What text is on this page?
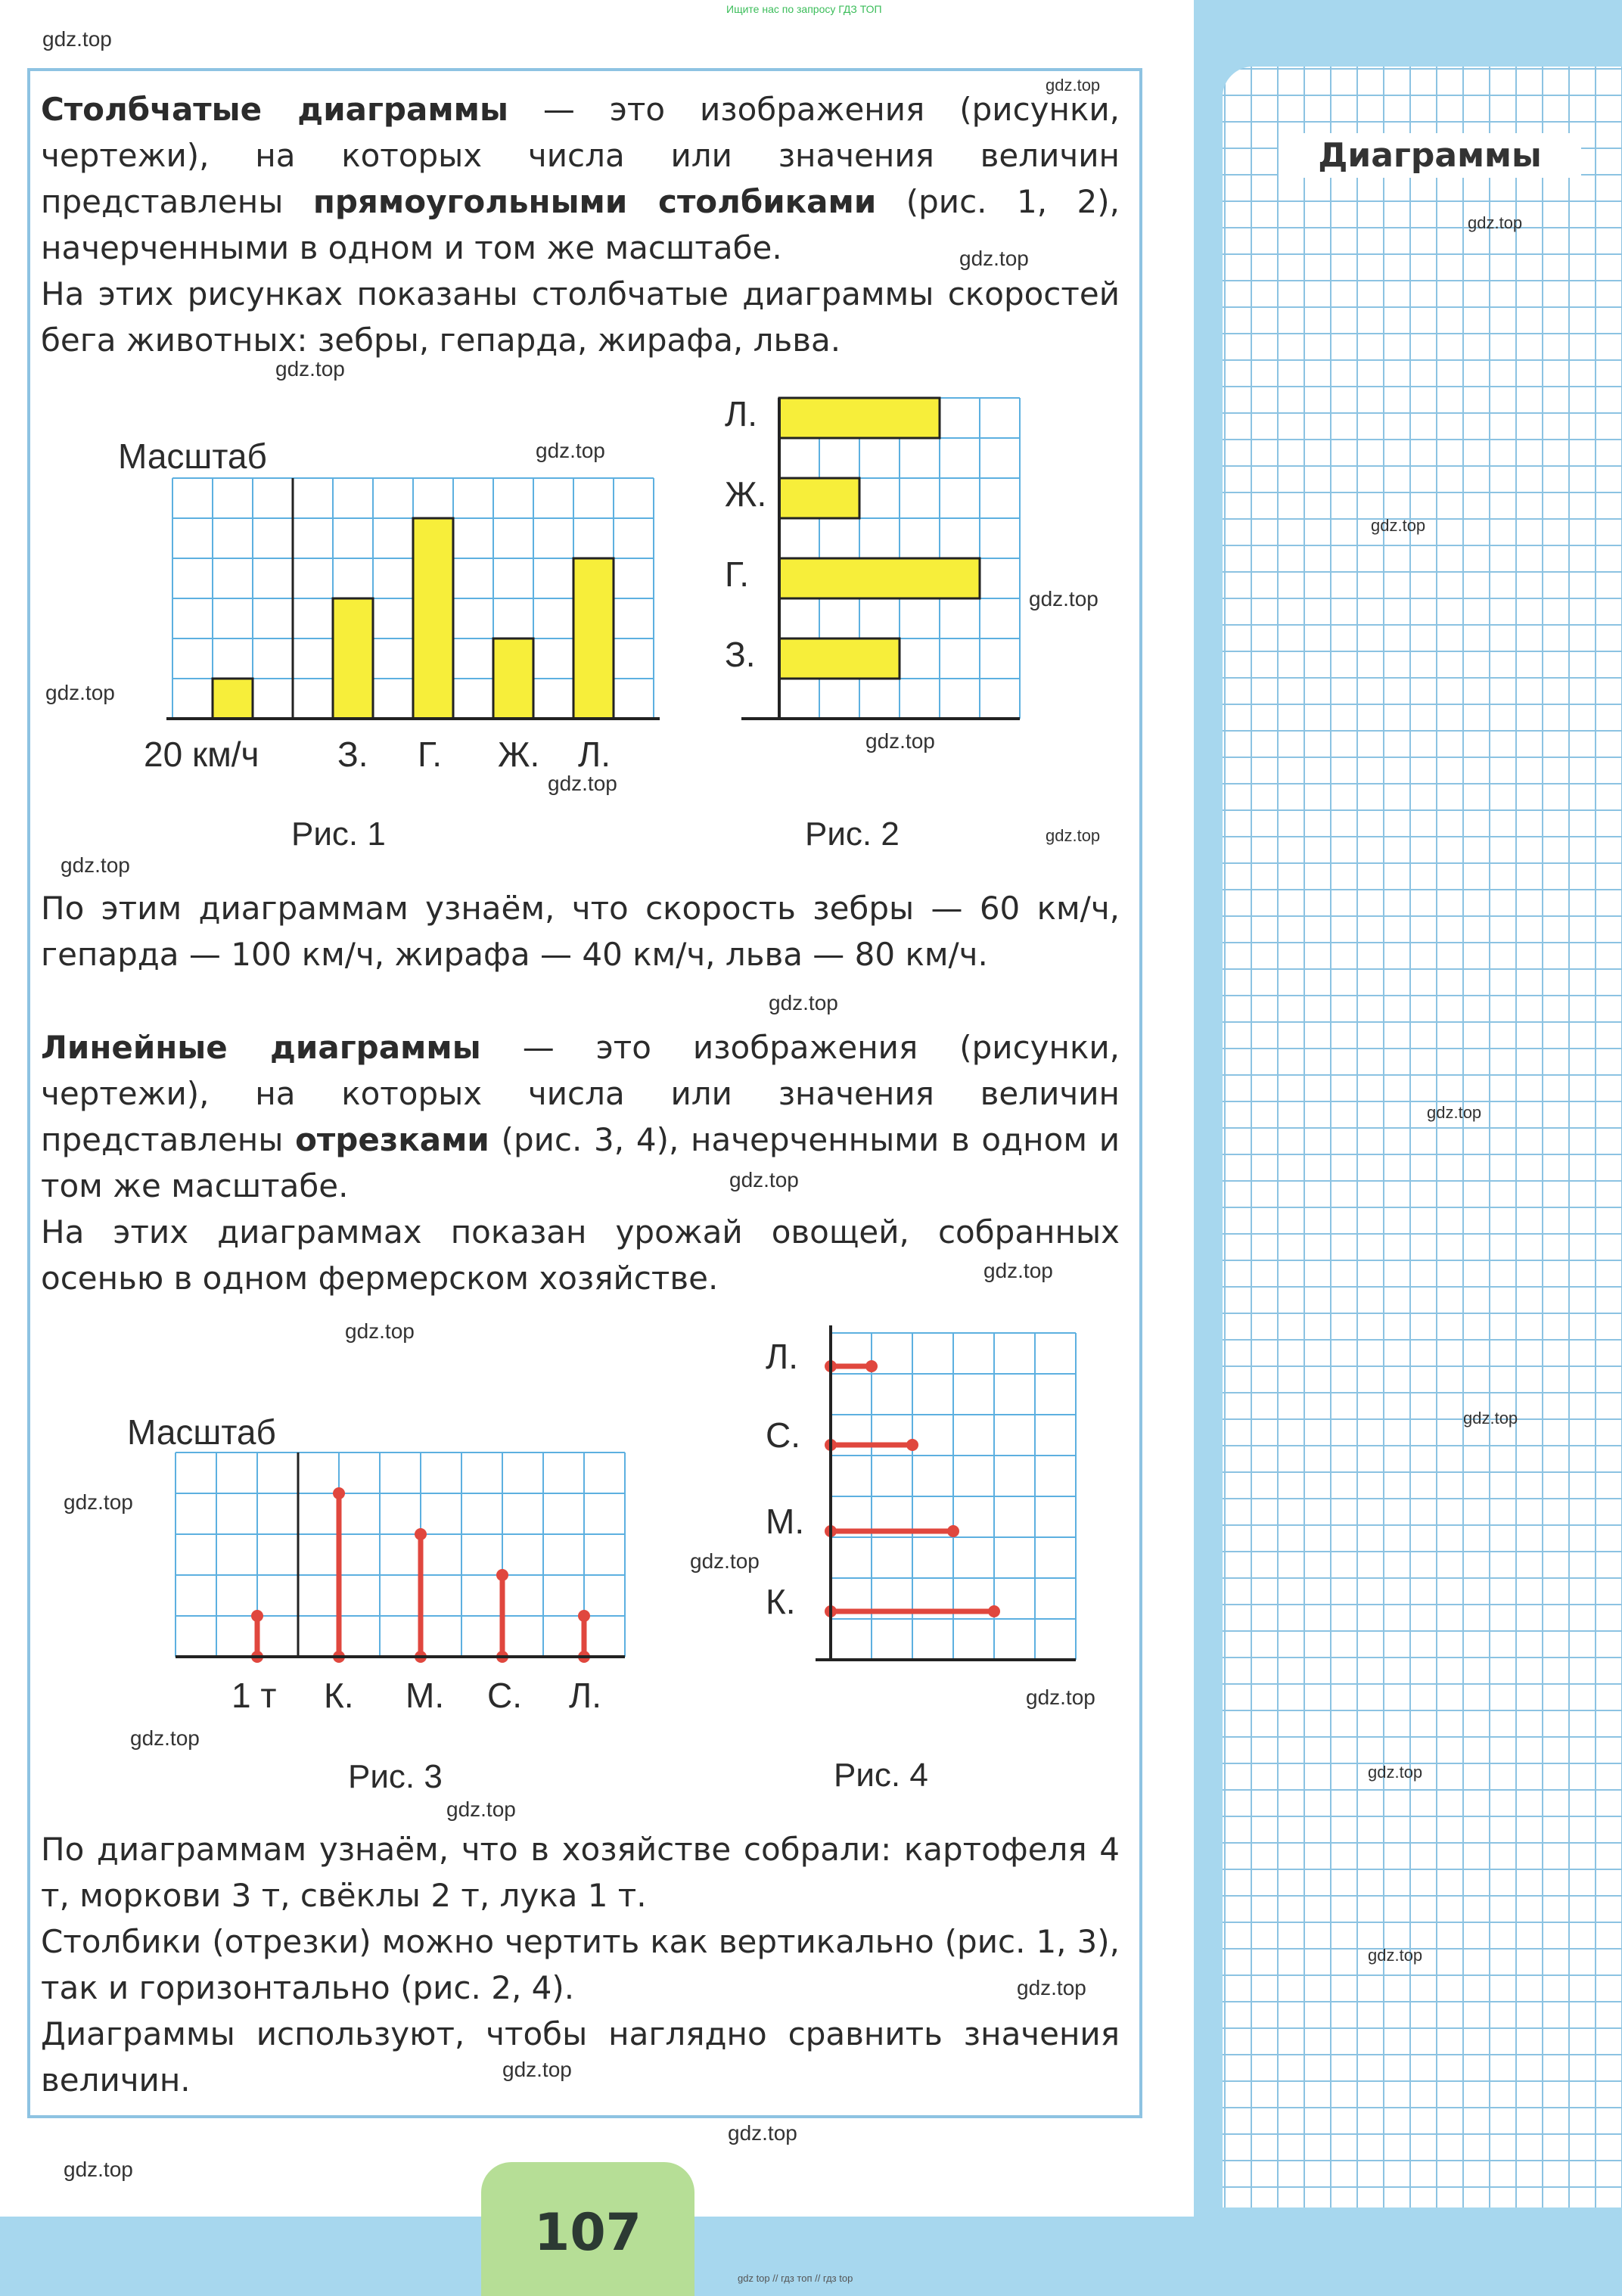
Диаграммы
Ищите нас по запросу ГДЗ ТОП
Столбчатые диаграммы — это изображения (рисунки, чертежи), на которых числа или значения величин представлены прямоугольными столбиками (рис. 1, 2), начерченными в одном и том же масштабе.
На этих рисунках показаны столбчатые диаграммы скоростей бега животных: зебры, гепарда, жирафа, льва.
По этим диаграммам узнаём, что скорость зебры — 60 км/ч, гепарда — 100 км/ч, жирафа — 40 км/ч, льва — 80 км/ч.
Линейные диаграммы — это изображения (рисунки, чертежи), на которых числа или значения величин представлены отрезками (рис. 3, 4), начерченными в одном и том же масштабе.
На этих диаграммах показан урожай овощей, собранных осенью в одном фермерском хозяйстве.
По диаграммам узнаём, что в хозяйстве собрали: картофеля 4 т, моркови 3 т, свёклы 2 т, лука 1 т.
Столбики (отрезки) можно чертить как вертикально (рис. 1, 3), так и горизонтально (рис. 2, 4).
Диаграммы используют, чтобы наглядно сравнить значения величин.
Масштаб
20 км/ч З. Г. Ж. Л.
Рис. 1
Л.
Ж.
Г.
З.
Рис. 2
Масштаб
1 т К. М. С. Л.
Рис. 3
Л.
С.
М.
К.
Рис. 4
107
gdz top // гдз топ // гдз top
gdz.top
gdz.top
gdz.top
gdz.top
gdz.top
gdz.top
gdz.top
gdz.top
gdz.top
gdz.top
gdz.top
gdz.top
gdz.top
gdz.top
gdz.top
gdz.top
gdz.top
gdz.top
gdz.top
gdz.top
gdz.top
gdz.top
gdz.top
gdz.top
gdz.top
gdz.top
gdz.top
gdz.top
gdz.top
gdz.top
